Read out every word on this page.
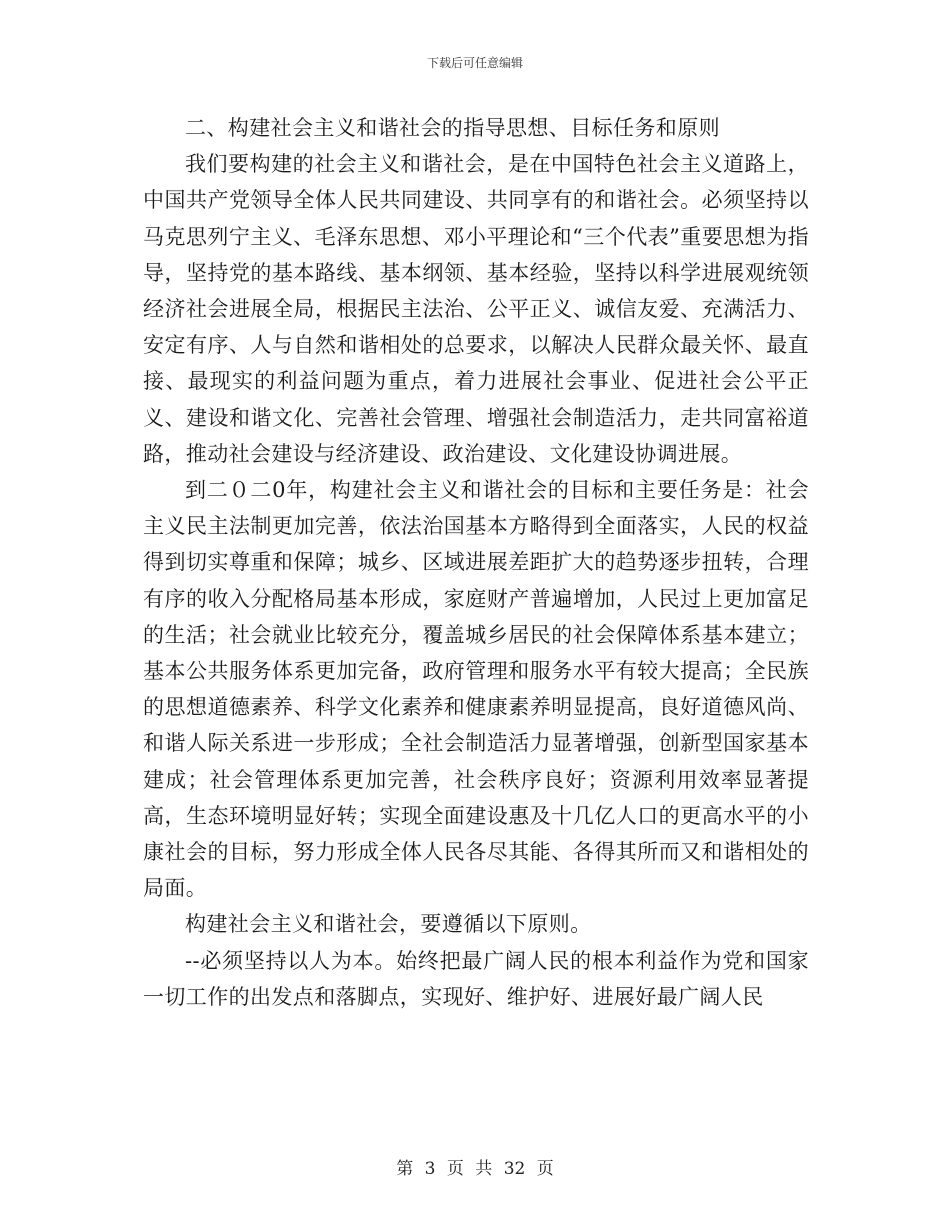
下载后可任意编辑

二、构建社会主义和谐社会的指导思想、目标任务和原则

我们要构建的社会主义和谐社会，是在中国特色社会主义道路上，中国共产党领导全体人民共同建设、共同享有的和谐社会。必须坚持以马克思列宁主义、毛泽东思想、邓小平理论和“三个代表”重要思想为指导，坚持党的基本路线、基本纲领、基本经验，坚持以科学进展观统领经济社会进展全局，根据民主法治、公平正义、诚信友爱、充满活力、安定有序、人与自然和谐相处的总要求，以解决人民群众最关怀、最直接、最现实的利益问题为重点，着力进展社会事业、促进社会公平正义、建设和谐文化、完善社会管理、增强社会制造活力，走共同富裕道路，推动社会建设与经济建设、政治建设、文化建设协调进展。

到二０二0年，构建社会主义和谐社会的目标和主要任务是：社会主义民主法制更加完善，依法治国基本方略得到全面落实，人民的权益得到切实尊重和保障；城乡、区域进展差距扩大的趋势逐步扭转，合理有序的收入分配格局基本形成，家庭财产普遍增加，人民过上更加富足的生活；社会就业比较充分，覆盖城乡居民的社会保障体系基本建立；基本公共服务体系更加完备，政府管理和服务水平有较大提高；全民族的思想道德素养、科学文化素养和健康素养明显提高，良好道德风尚、和谐人际关系进一步形成；全社会制造活力显著增强，创新型国家基本建成；社会管理体系更加完善，社会秩序良好；资源利用效率显著提高，生态环境明显好转；实现全面建设惠及十几亿人口的更高水平的小康社会的目标，努力形成全体人民各尽其能、各得其所而又和谐相处的局面。

构建社会主义和谐社会，要遵循以下原则。

--必须坚持以人为本。始终把最广阔人民的根本利益作为党和国家一切工作的出发点和落脚点，实现好、维护好、进展好最广阔人民

第 3 页 共 32 页
